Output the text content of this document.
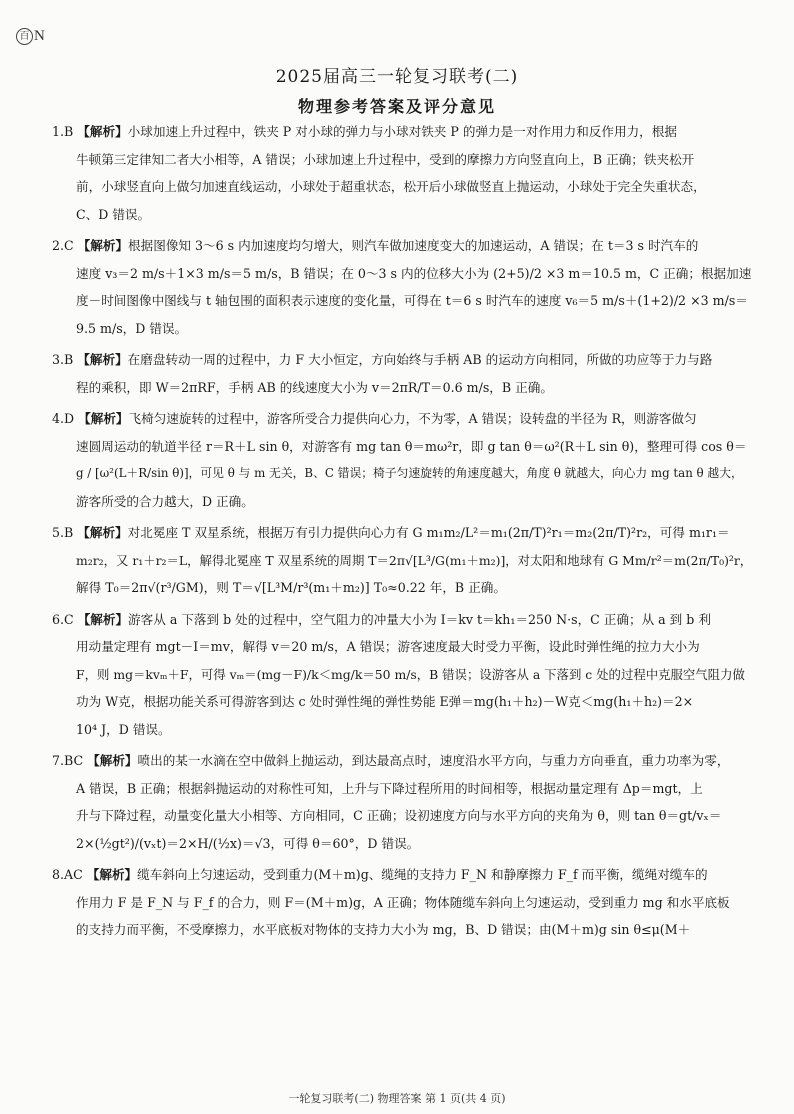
百 N
2025届高三一轮复习联考(二)
物理参考答案及评分意见
1.B 【解析】小球加速上升过程中，铁夹 P 对小球的弹力与小球对铁夹 P 的弹力是一对作用力和反作用力，根据
牛顿第三定律知二者大小相等，A 错误；小球加速上升过程中，受到的摩擦力方向竖直向上，B 正确；铁夹松开
前，小球竖直向上做匀加速直线运动，小球处于超重状态，松开后小球做竖直上抛运动，小球处于完全失重状态，
C、D 错误。
2.C 【解析】根据图像知 3～6 s 内加速度均匀增大，则汽车做加速度变大的加速运动，A 错误；在 t＝3 s 时汽车的
速度 v₃＝2 m/s＋1×3 m/s＝5 m/s，B 错误；在 0～3 s 内的位移大小为 (2+5)/2 ×3 m＝10.5 m，C 正确；根据加速
度－时间图像中图线与 t 轴包围的面积表示速度的变化量，可得在 t＝6 s 时汽车的速度 v₆＝5 m/s＋(1+2)/2 ×3 m/s＝
9.5 m/s，D 错误。
3.B 【解析】在磨盘转动一周的过程中，力 F 大小恒定，方向始终与手柄 AB 的运动方向相同，所做的功应等于力与路
程的乘积，即 W＝2πRF，手柄 AB 的线速度大小为 v＝2πR/T＝0.6 m/s，B 正确。
4.D 【解析】飞椅匀速旋转的过程中，游客所受合力提供向心力，不为零，A 错误；设转盘的半径为 R，则游客做匀
速圆周运动的轨道半径 r＝R＋L sin θ，对游客有 mg tan θ＝mω²r，即 g tan θ＝ω²(R＋L sin θ)，整理可得 cos θ＝
g / [ω²(L＋R/sin θ)]，可见 θ 与 m 无关，B、C 错误；椅子匀速旋转的角速度越大，角度 θ 就越大，向心力 mg tan θ 越大，
游客所受的合力越大，D 正确。
5.B 【解析】对北冕座 T 双星系统，根据万有引力提供向心力有 G m₁m₂/L²＝m₁(2π/T)²r₁＝m₂(2π/T)²r₂，可得 m₁r₁＝
m₂r₂，又 r₁＋r₂＝L，解得北冕座 T 双星系统的周期 T＝2π√[L³/G(m₁＋m₂)]，对太阳和地球有 G Mm/r²＝m(2π/T₀)²r，
解得 T₀＝2π√(r³/GM)，则 T＝√[L³M/r³(m₁＋m₂)] T₀≈0.22 年，B 正确。
6.C 【解析】游客从 a 下落到 b 处的过程中，空气阻力的冲量大小为 I＝kv t＝kh₁＝250 N·s，C 正确；从 a 到 b 利
用动量定理有 mgt－I＝mv，解得 v＝20 m/s，A 错误；游客速度最大时受力平衡，设此时弹性绳的拉力大小为
F，则 mg＝kvₘ＋F，可得 vₘ＝(mg－F)/k＜mg/k＝50 m/s，B 错误；设游客从 a 下落到 c 处的过程中克服空气阻力做
功为 W克，根据功能关系可得游客到达 c 处时弹性绳的弹性势能 E弹＝mg(h₁＋h₂)－W克＜mg(h₁＋h₂)＝2×
10⁴ J，D 错误。
7.BC 【解析】喷出的某一水滴在空中做斜上抛运动，到达最高点时，速度沿水平方向，与重力方向垂直，重力功率为零，
A 错误，B 正确；根据斜抛运动的对称性可知，上升与下降过程所用的时间相等，根据动量定理有 Δp＝mgt，上
升与下降过程，动量变化量大小相等、方向相同，C 正确；设初速度方向与水平方向的夹角为 θ，则 tan θ＝gt/vₓ＝
2×(½gt²)/(vₓt)＝2×H/(½x)＝√3，可得 θ＝60°，D 错误。
8.AC 【解析】缆车斜向上匀速运动，受到重力(M＋m)g、缆绳的支持力 F_N 和静摩擦力 F_f 而平衡，缆绳对缆车的
作用力 F 是 F_N 与 F_f 的合力，则 F＝(M＋m)g，A 正确；物体随缆车斜向上匀速运动，受到重力 mg 和水平底板
的支持力而平衡，不受摩擦力，水平底板对物体的支持力大小为 mg，B、D 错误；由(M＋m)g sin θ≤μ(M＋
一轮复习联考(二) 物理答案 第 1 页(共 4 页)
